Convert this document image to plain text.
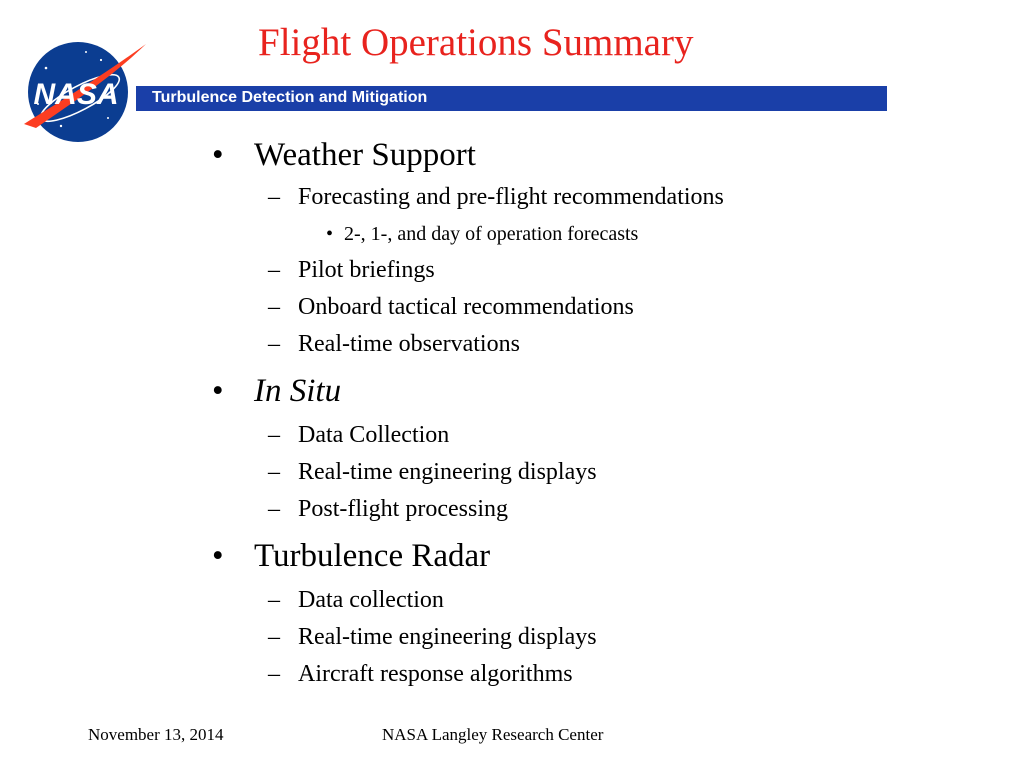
NASA
Flight Operations Summary
Turbulence Detection and Mitigation
• Weather Support
– Forecasting and pre-flight recommendations
• 2-, 1-, and day of operation forecasts
– Pilot briefings
– Onboard tactical recommendations
– Real-time observations
• In Situ
– Data Collection
– Real-time engineering displays
– Post-flight processing
• Turbulence Radar
– Data collection
– Real-time engineering displays
– Aircraft response algorithms
November 13, 2014	NASA Langley Research Center
